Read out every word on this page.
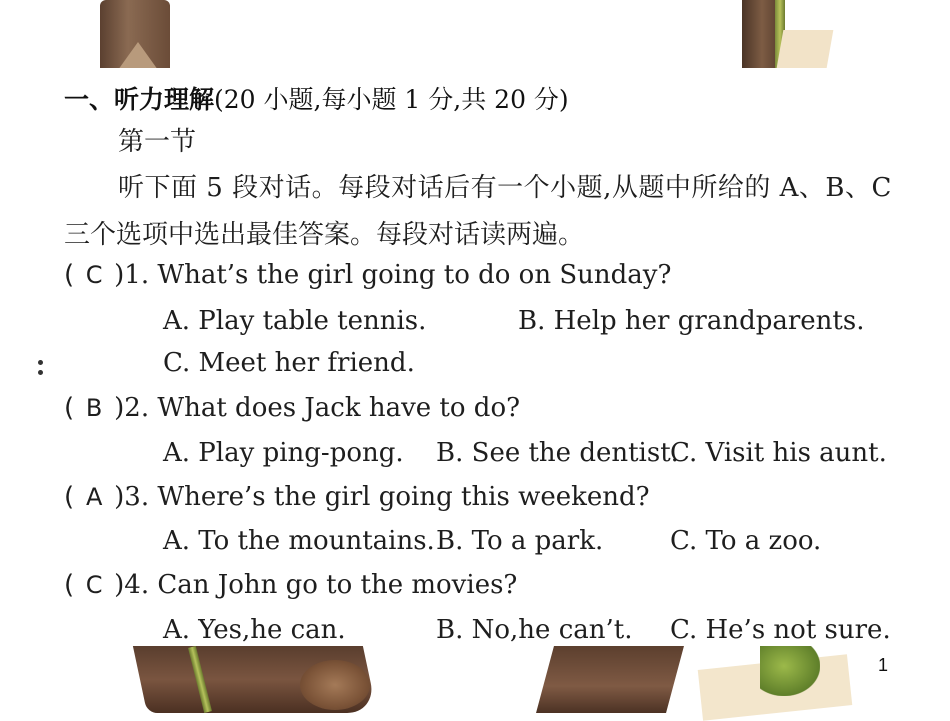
一、听力理解(20 小题,每小题 1 分,共 20 分)
第一节
听下面 5 段对话。每段对话后有一个小题,从题中所给的 A、B、C
三个选项中选出最佳答案。每段对话读两遍。
( C )1. What’s the girl going to do on Sunday?
A. Play table tennis.	B. Help her grandparents.
C. Meet her friend.
( B )2. What does Jack have to do?
A. Play ping-pong. B. See the dentist.
C. Visit his aunt.
( A )3. Where’s the girl going this weekend?
A. To the mountains. B. To a park.	C. To a zoo.
( C )4. Can John go to the movies?
A. Yes,he can.	B. No,he can’t. C. He’s not sure.
1
